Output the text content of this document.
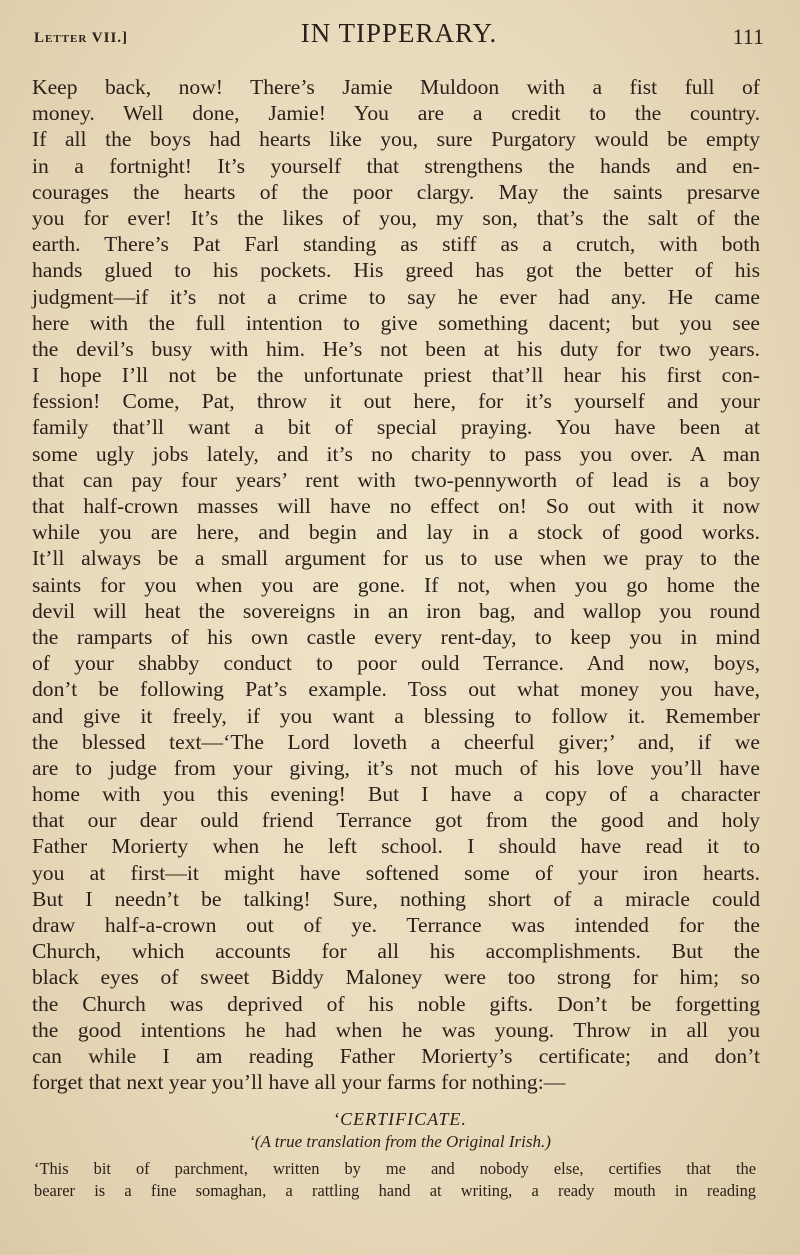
Letter VII.]	IN TIPPERARY.	111
Keep back, now! There’s Jamie Muldoon with a fist full of
money. Well done, Jamie! You are a credit to the country.
If all the boys had hearts like you, sure Purgatory would be empty
in a fortnight! It’s yourself that strengthens the hands and en-
courages the hearts of the poor clargy. May the saints presarve
you for ever! It’s the likes of you, my son, that’s the salt of the
earth. There’s Pat Farl standing as stiff as a crutch, with both
hands glued to his pockets. His greed has got the better of his
judgment—if it’s not a crime to say he ever had any. He came
here with the full intention to give something dacent; but you see
the devil’s busy with him. He’s not been at his duty for two years.
I hope I’ll not be the unfortunate priest that’ll hear his first con-
fession! Come, Pat, throw it out here, for it’s yourself and your
family that’ll want a bit of special praying. You have been at
some ugly jobs lately, and it’s no charity to pass you over. A man
that can pay four years’ rent with two-pennyworth of lead is a boy
that half-crown masses will have no effect on! So out with it now
while you are here, and begin and lay in a stock of good works.
It’ll always be a small argument for us to use when we pray to the
saints for you when you are gone. If not, when you go home the
devil will heat the sovereigns in an iron bag, and wallop you round
the ramparts of his own castle every rent-day, to keep you in mind
of your shabby conduct to poor ould Terrance. And now, boys,
don’t be following Pat’s example. Toss out what money you have,
and give it freely, if you want a blessing to follow it. Remember
the blessed text—‘The Lord loveth a cheerful giver;’ and, if we
are to judge from your giving, it’s not much of his love you’ll have
home with you this evening! But I have a copy of a character
that our dear ould friend Terrance got from the good and holy
Father Morierty when he left school. I should have read it to
you at first—it might have softened some of your iron hearts.
But I needn’t be talking! Sure, nothing short of a miracle could
draw half-a-crown out of ye. Terrance was intended for the
Church, which accounts for all his accomplishments. But the
black eyes of sweet Biddy Maloney were too strong for him; so
the Church was deprived of his noble gifts. Don’t be forgetting
the good intentions he had when he was young. Throw in all you
can while I am reading Father Morierty’s certificate; and don’t
forget that next year you’ll have all your farms for nothing:—
‘CERTIFICATE.
‘(A true translation from the Original Irish.)
‘This bit of parchment, written by me and nobody else, certifies that the
bearer is a fine somaghan, a rattling hand at writing, a ready mouth in reading
